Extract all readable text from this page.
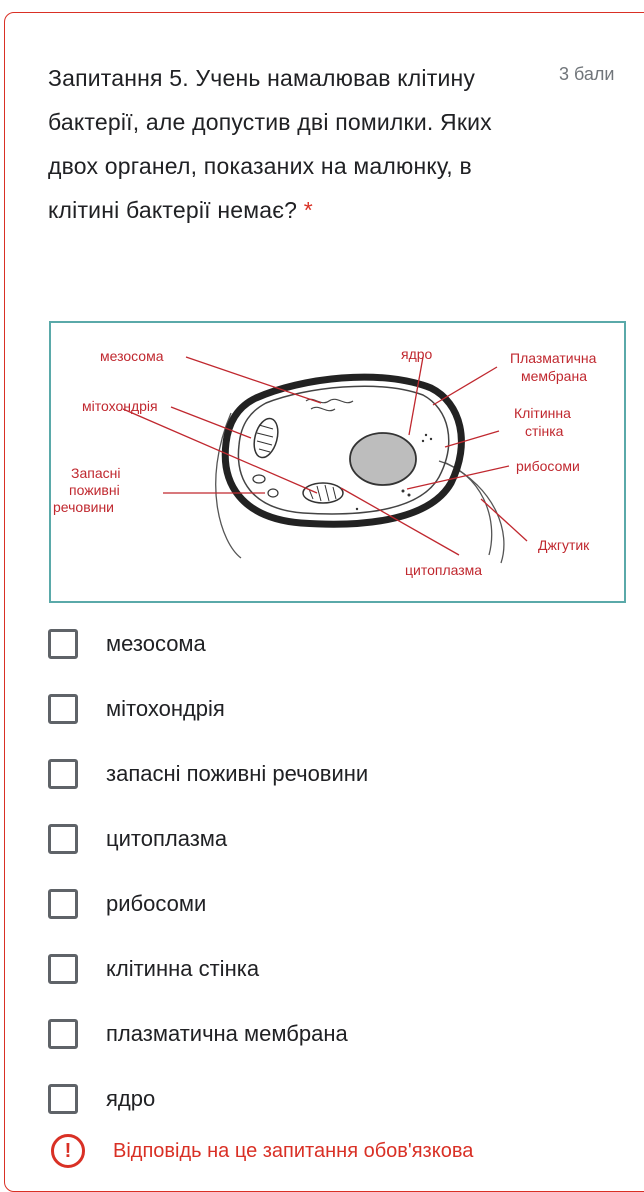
Запитання 5. Учень намалював клітину бактерії, але допустив дві помилки. Яких двох органел, показаних на малюнку, в клітині бактерії немає? *
3 бали
мезосома	ядро	Плазматична
мембрана
мітохондрія	Клітинна
стінка
рибосоми
Запасні
поживні
речовини
Джгутик
цитоплазма
мезосома
мітохондрія
запасні поживні речовини
цитоплазма
рибосоми
клітинна стінка
плазматична мембрана
ядро
!	Відповідь на це запитання обов'язкова
